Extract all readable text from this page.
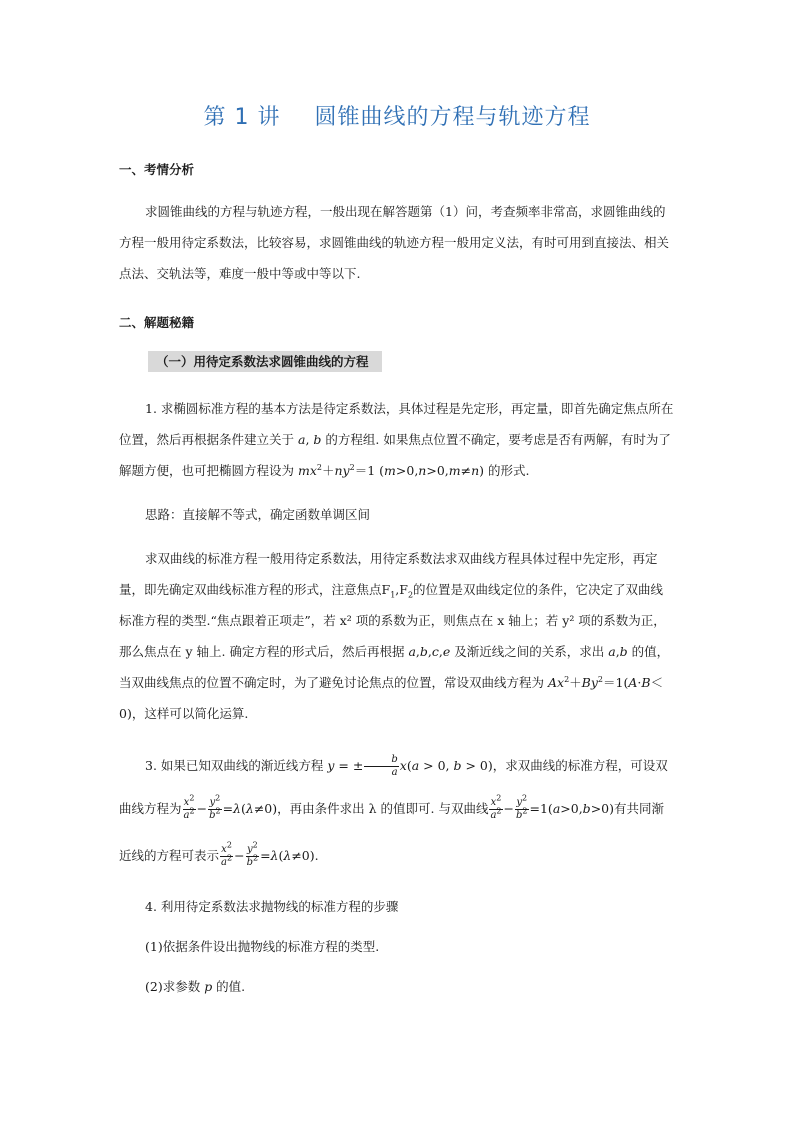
第 1 讲 圆锥曲线的方程与轨迹方程
一、考情分析
求圆锥曲线的方程与轨迹方程，一般出现在解答题第（1）问，考查频率非常高，求圆锥曲线的方程一般用待定系数法，比较容易，求圆锥曲线的轨迹方程一般用定义法，有时可用到直接法、相关点法、交轨法等，难度一般中等或中等以下.
二、解题秘籍
（一）用待定系数法求圆锥曲线的方程
1. 求椭圆标准方程的基本方法是待定系数法，具体过程是先定形，再定量，即首先确定焦点所在位置，然后再根据条件建立关于 a, b 的方程组. 如果焦点位置不确定，要考虑是否有两解，有时为了解题方便，也可把椭圆方程设为 $mx^2+ny^2=1$ (m>0,n>0,m≠n) 的形式.
思路：直接解不等式，确定函数单调区间
求双曲线的标准方程一般用待定系数法，用待定系数法求双曲线方程具体过程中先定形，再定量，即先确定双曲线标准方程的形式，注意焦点$F_1,F_2$的位置是双曲线定位的条件，它决定了双曲线标准方程的类型.“焦点跟着正项走”，若 x² 项的系数为正，则焦点在 x 轴上；若 y² 项的系数为正，那么焦点在 y 轴上. 确定方程的形式后，然后再根据 a,b,c,e 及渐近线之间的关系，求出 a,b 的值，当双曲线焦点的位置不确定时，为了避免讨论焦点的位置，常设双曲线方程为 $Ax^2+By^2=1(A\cdot B<0)$，这样可以简化运算.
3. 如果已知双曲线的渐近线方程 y = ± $\frac{b}{a} x(a > 0$, b > 0)，求双曲线的标准方程，可设双
曲线方程为 $\frac{x^2}{a^2} - \frac{y^2}{b^2} =\lambda(\lambda\ne 0)$，再由条件求出 λ 的值即可. 与双曲线 $\frac{x^2}{a^2} - \frac{y^2}{b^2} =1(a>0,b>0)$有共同渐
近线的方程可表示 $\frac{x^2}{a^2} - \frac{y^2}{b^2} =\lambda(\lambda\ne 0)$.
4. 利用待定系数法求抛物线的标准方程的步骤
(1)依据条件设出抛物线的标准方程的类型.
(2)求参数 p 的值.
